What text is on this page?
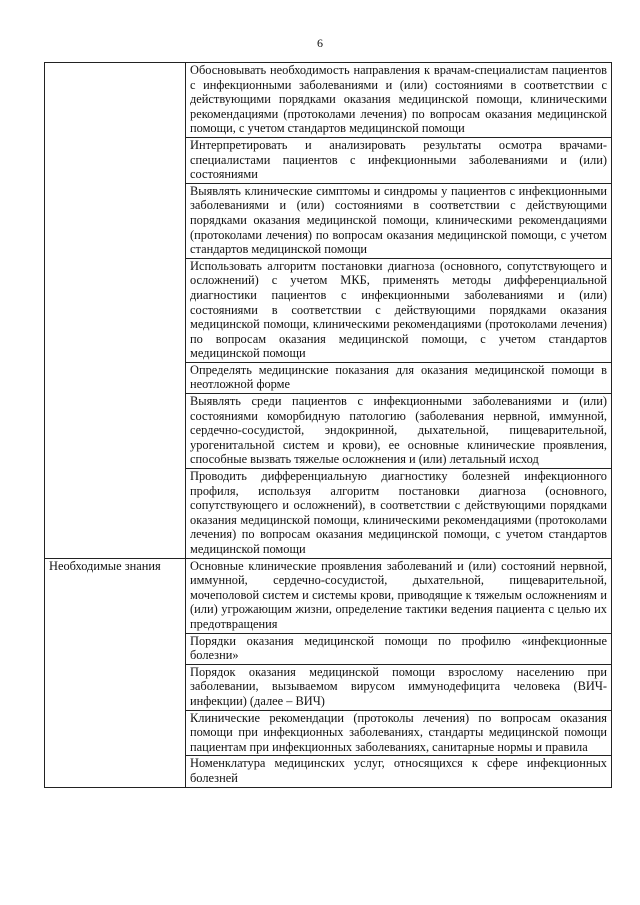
6
	Обосновывать необходимость направления к врачам-специалистам пациентов с инфекционными заболеваниями и (или) состояниями в соответствии с действующими порядками оказания медицинской помощи, клиническими рекомендациями (протоколами лечения) по вопросам оказания медицинской помощи, с учетом стандартов медицинской помощи
	Интерпретировать и анализировать результаты осмотра врачами-специалистами пациентов с инфекционными заболеваниями и (или) состояниями
	Выявлять клинические симптомы и синдромы у пациентов с инфекционными заболеваниями и (или) состояниями в соответствии с действующими порядками оказания медицинской помощи, клиническими рекомендациями (протоколами лечения) по вопросам оказания медицинской помощи, с учетом стандартов медицинской помощи
	Использовать алгоритм постановки диагноза (основного, сопутствующего и осложнений) с учетом МКБ, применять методы дифференциальной диагностики пациентов с инфекционными заболеваниями и (или) состояниями в соответствии с действующими порядками оказания медицинской помощи, клиническими рекомендациями (протоколами лечения) по вопросам оказания медицинской помощи, с учетом стандартов медицинской помощи
	Определять медицинские показания для оказания медицинской помощи в неотложной форме
	Выявлять среди пациентов с инфекционными заболеваниями и (или) состояниями коморбидную патологию (заболевания нервной, иммунной, сердечно-сосудистой, эндокринной, дыхательной, пищеварительной, урогенитальной систем и крови), ее основные клинические проявления, способные вызвать тяжелые осложнения и (или) летальный исход
	Проводить дифференциальную диагностику болезней инфекционного профиля, используя алгоритм постановки диагноза (основного, сопутствующего и осложнений), в соответствии с действующими порядками оказания медицинской помощи, клиническими рекомендациями (протоколами лечения) по вопросам оказания медицинской помощи, с учетом стандартов медицинской помощи
Необходимые знания	Основные клинические проявления заболеваний и (или) состояний нервной, иммунной, сердечно-сосудистой, дыхательной, пищеварительной, мочеполовой систем и системы крови, приводящие к тяжелым осложнениям и (или) угрожающим жизни, определение тактики ведения пациента с целью их предотвращения
	Порядки оказания медицинской помощи по профилю «инфекционные болезни»
	Порядок оказания медицинской помощи взрослому населению при заболевании, вызываемом вирусом иммунодефицита человека (ВИЧ-инфекции) (далее – ВИЧ)
	Клинические рекомендации (протоколы лечения) по вопросам оказания помощи при инфекционных заболеваниях, стандарты медицинской помощи пациентам при инфекционных заболеваниях, санитарные нормы и правила
	Номенклатура медицинских услуг, относящихся к сфере инфекционных болезней
